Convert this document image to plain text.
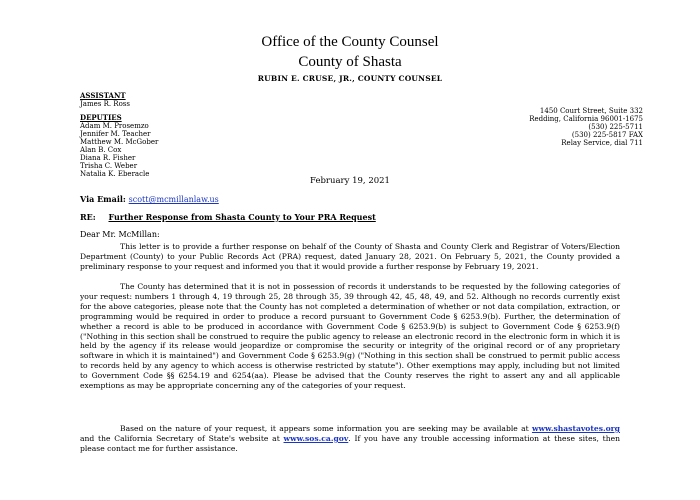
Office of the County Counsel
County of Shasta
RUBIN E. CRUSE, JR., COUNTY COUNSEL
ASSISTANT
James R. Ross
DEPUTIES
Adam M. Prosemzo
Jennifer M. Teacher
Matthew M. McGober
Alan B. Cox
Diana R. Fisher
Trisha C. Weber
Natalia K. Eberacle
1450 Court Street, Suite 332
Redding, California 96001-1675
(530) 225-5711
(530) 225-5817 FAX
Relay Service, dial 711
February 19, 2021
Via Email: scott@mcmillanlaw.us
RE: Further Response from Shasta County to Your PRA Request
Dear Mr. McMillan:

This letter is to provide a further response on behalf of the County of Shasta and County Clerk and Registrar of Voters/Election Department (County) to your Public Records Act (PRA) request, dated January 28, 2021. On February 5, 2021, the County provided a preliminary response to your request and informed you that it would provide a further response by February 19, 2021.

The County has determined that it is not in possession of records it understands to be requested by the following categories of your request: numbers 1 through 4, 19 through 25, 28 through 35, 39 through 42, 45, 48, 49, and 52. Although no records currently exist for the above categories, please note that the County has not completed a determination of whether or not data compilation, extraction, or programming would be required in order to produce a record pursuant to Government Code § 6253.9(b). Further, the determination of whether a record is able to be produced in accordance with Government Code § 6253.9(b) is subject to Government Code § 6253.9(f) ("Nothing in this section shall be construed to require the public agency to release an electronic record in the electronic form in which it is held by the agency if its release would jeopardize or compromise the security or integrity of the original record or of any proprietary software in which it is maintained") and Government Code § 6253.9(g) ("Nothing in this section shall be construed to permit public access to records held by any agency to which access is otherwise restricted by statute"). Other exemptions may apply, including but not limited to Government Code §§ 6254.19 and 6254(aa). Please be advised that the County reserves the right to assert any and all applicable exemptions as may be appropriate concerning any of the categories of your request.

Based on the nature of your request, it appears some information you are seeking may be available at www.shastavotes.org and the California Secretary of State's website at www.sos.ca.gov. If you have any trouble accessing information at these sites, then please contact me for further assistance.
